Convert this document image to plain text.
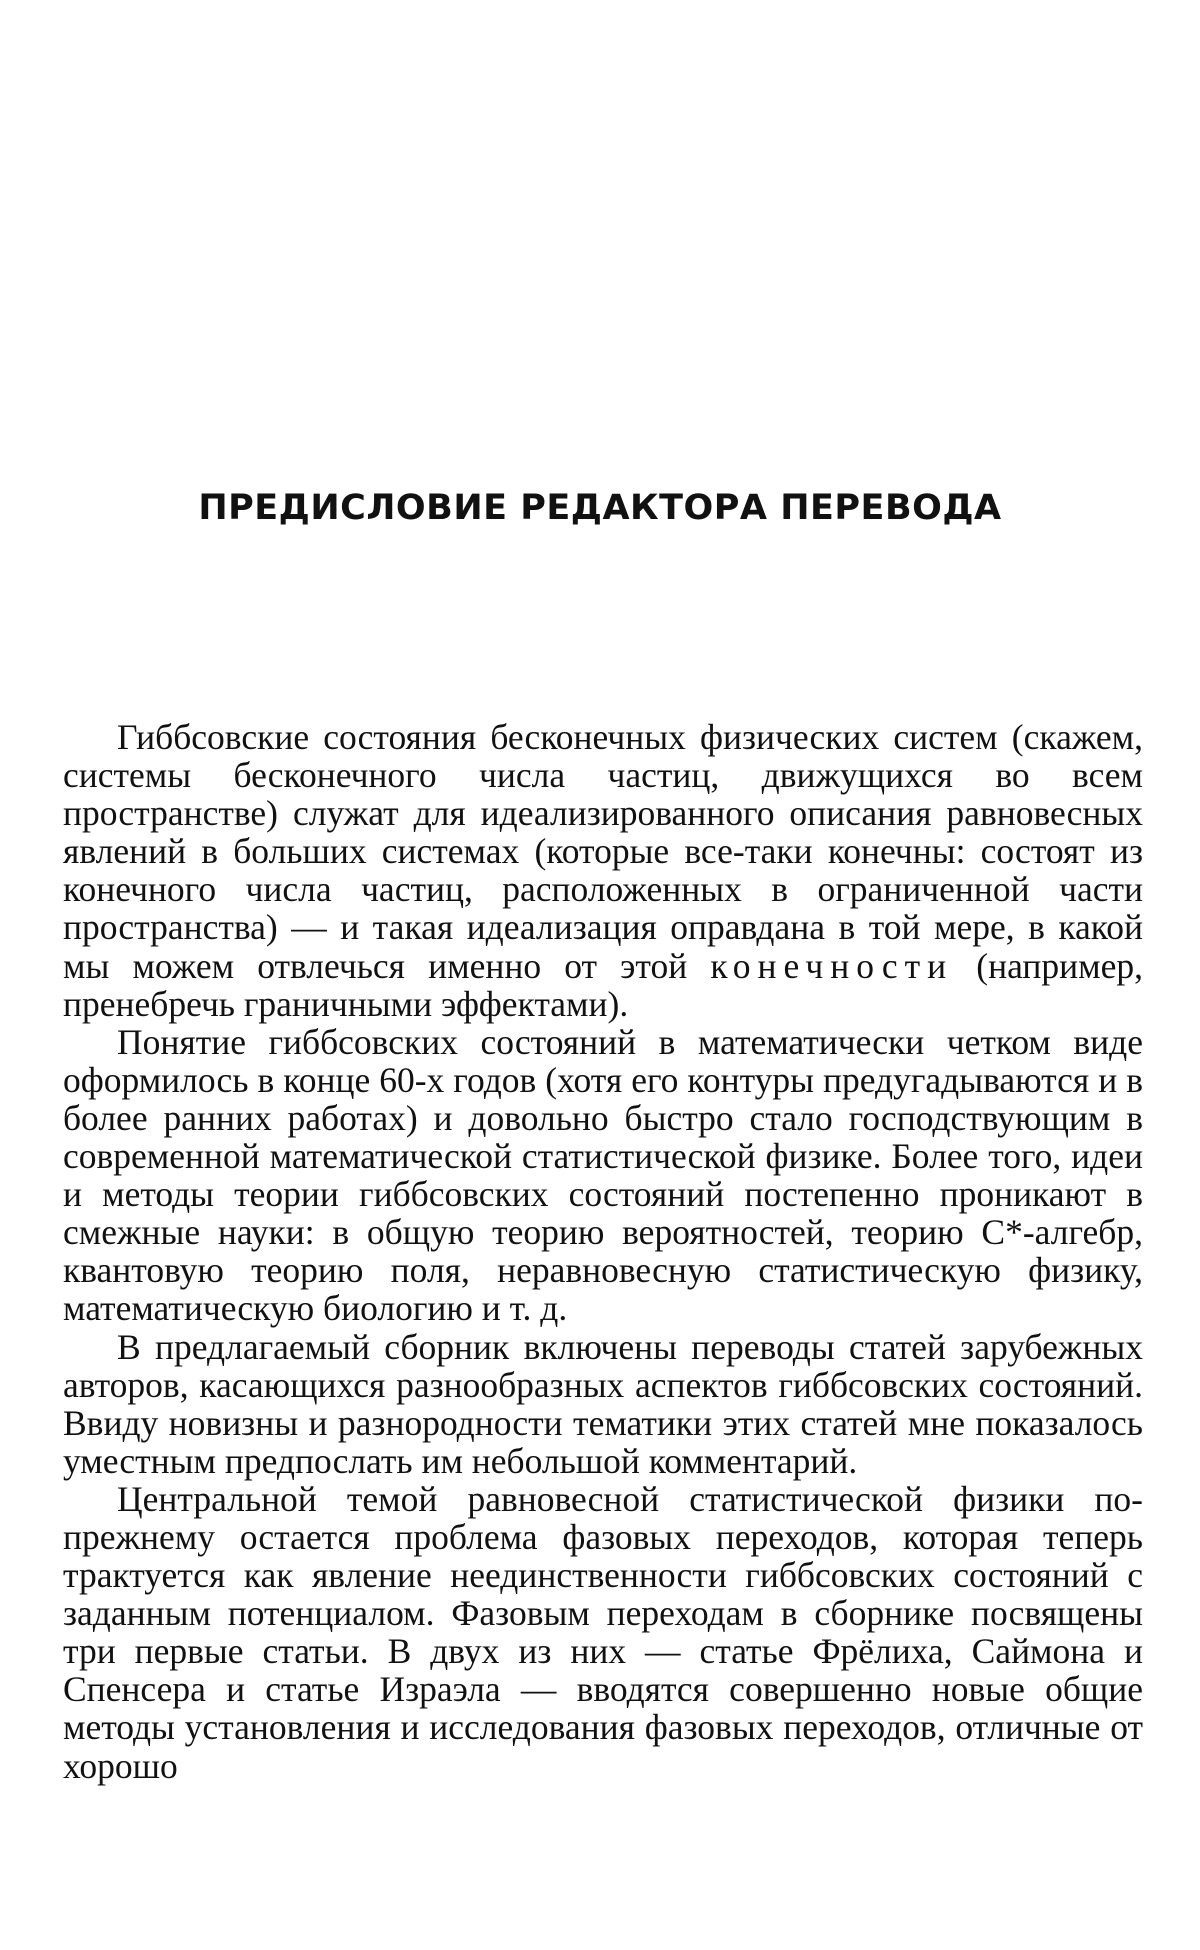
ПРЕДИСЛОВИЕ РЕДАКТОРА ПЕРЕВОДА

Гиббсовские состояния бесконечных физических систем (скажем, системы бесконечного числа частиц, движущихся во всем пространстве) служат для идеализированного описания равновесных явлений в больших системах (которые все-таки конечны: состоят из конечного числа частиц, расположенных в ограниченной части пространства) — и такая идеализация оправдана в той мере, в какой мы можем отвлечься именно от этой конечности (например, пренебречь граничными эффектами).

Понятие гиббсовских состояний в математически четком виде оформилось в конце 60-х годов (хотя его контуры предугадываются и в более ранних работах) и довольно быстро стало господствующим в современной математической статистической физике. Более того, идеи и методы теории гиббсовских состояний постепенно проникают в смежные науки: в общую теорию вероятностей, теорию C*-алгебр, квантовую теорию поля, неравновесную статистическую физику, математическую биологию и т. д.

В предлагаемый сборник включены переводы статей зарубежных авторов, касающихся разнообразных аспектов гиббсовских состояний. Ввиду новизны и разнородности тематики этих статей мне показалось уместным предпослать им небольшой комментарий.

Центральной темой равновесной статистической физики по-прежнему остается проблема фазовых переходов, которая теперь трактуется как явление неединственности гиббсовских состояний с заданным потенциалом. Фазовым переходам в сборнике посвящены три первые статьи. В двух из них — статье Фрёлиха, Саймона и Спенсера и статье Израэла — вводятся совершенно новые общие методы установления и исследования фазовых переходов, отличные от хорошо
